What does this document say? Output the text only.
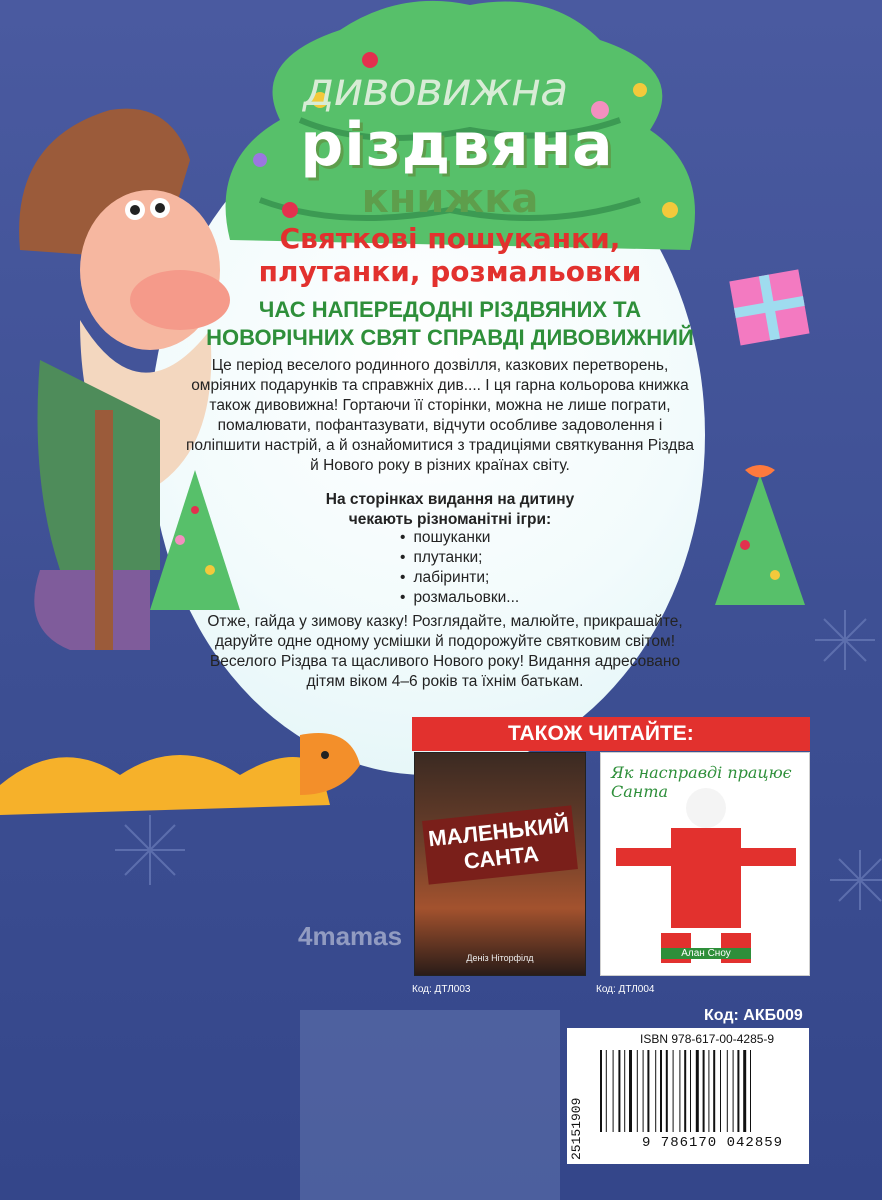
дивовижна
різдвяна
книжка
Святкові пошуканки, плутанки, розмальовки
ЧАС НАПЕРЕДОДНІ РІЗДВЯНИХ ТА НОВОРІЧНИХ СВЯТ СПРАВДІ ДИВОВИЖНИЙ
Це період веселого родинного дозвілля, казкових перетворень, омріяних подарунків та справжніх див.... І ця гарна кольорова книжка також дивовижна! Гортаючи її сторінки, можна не лише пограти, помалювати, пофантазувати, відчути особливе задоволення і поліпшити настрій, а й ознайомитися з традиціями святкування Різдва й Нового року в різних країнах світу.
На сторінках видання на дитину чекають різноманітні ігри:
• пошуканки
• плутанки;
• лабіринти;
• розмальовки...
Отже, гайда у зимову казку! Розглядайте, малюйте, прикрашайте, даруйте одне одному усмішки й подорожуйте святковим світом! Веселого Різдва та щасливого Нового року! Видання адресовано дітям віком 4–6 років та їхнім батькам.
ТАКОЖ ЧИТАЙТЕ:
МАЛЕНЬКИЙ САНТА
Деніз Ніторфілд
Як насправді працює Санта
Алан Сноу
Код: ДТЛ003	Код: ДТЛ004
4mamas
Код: АКБ009
ISBN 978-617-00-4285-9
25151909	9 786170 042859
